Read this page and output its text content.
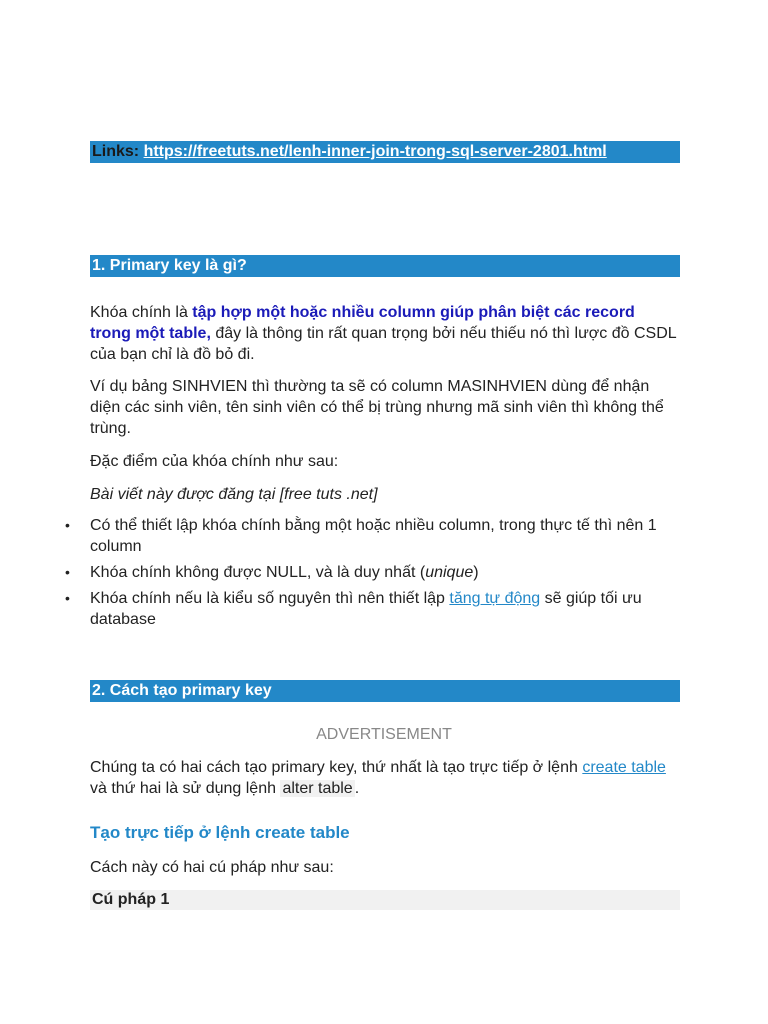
Links: https://freetuts.net/lenh-inner-join-trong-sql-server-2801.html
1. Primary key là gì?

Khóa chính là tập hợp một hoặc nhiều column giúp phân biệt các record trong một table, đây là thông tin rất quan trọng bởi nếu thiếu nó thì lược đồ CSDL của bạn chỉ là đồ bỏ đi.

Ví dụ bảng SINHVIEN thì thường ta sẽ có column MASINHVIEN dùng để nhận diện các sinh viên, tên sinh viên có thể bị trùng nhưng mã sinh viên thì không thể trùng.

Đặc điểm của khóa chính như sau:

Bài viết này được đăng tại [free tuts .net]

• Có thể thiết lập khóa chính bằng một hoặc nhiều column, trong thực tế thì nên 1 column
• Khóa chính không được NULL, và là duy nhất (unique)
• Khóa chính nếu là kiểu số nguyên thì nên thiết lập tăng tự động sẽ giúp tối ưu database
2. Cách tạo primary key
ADVERTISEMENT

Chúng ta có hai cách tạo primary key, thứ nhất là tạo trực tiếp ở lệnh create table và thứ hai là sử dụng lệnh alter table .

Tạo trực tiếp ở lệnh create table

Cách này có hai cú pháp như sau:

Cú pháp 1
